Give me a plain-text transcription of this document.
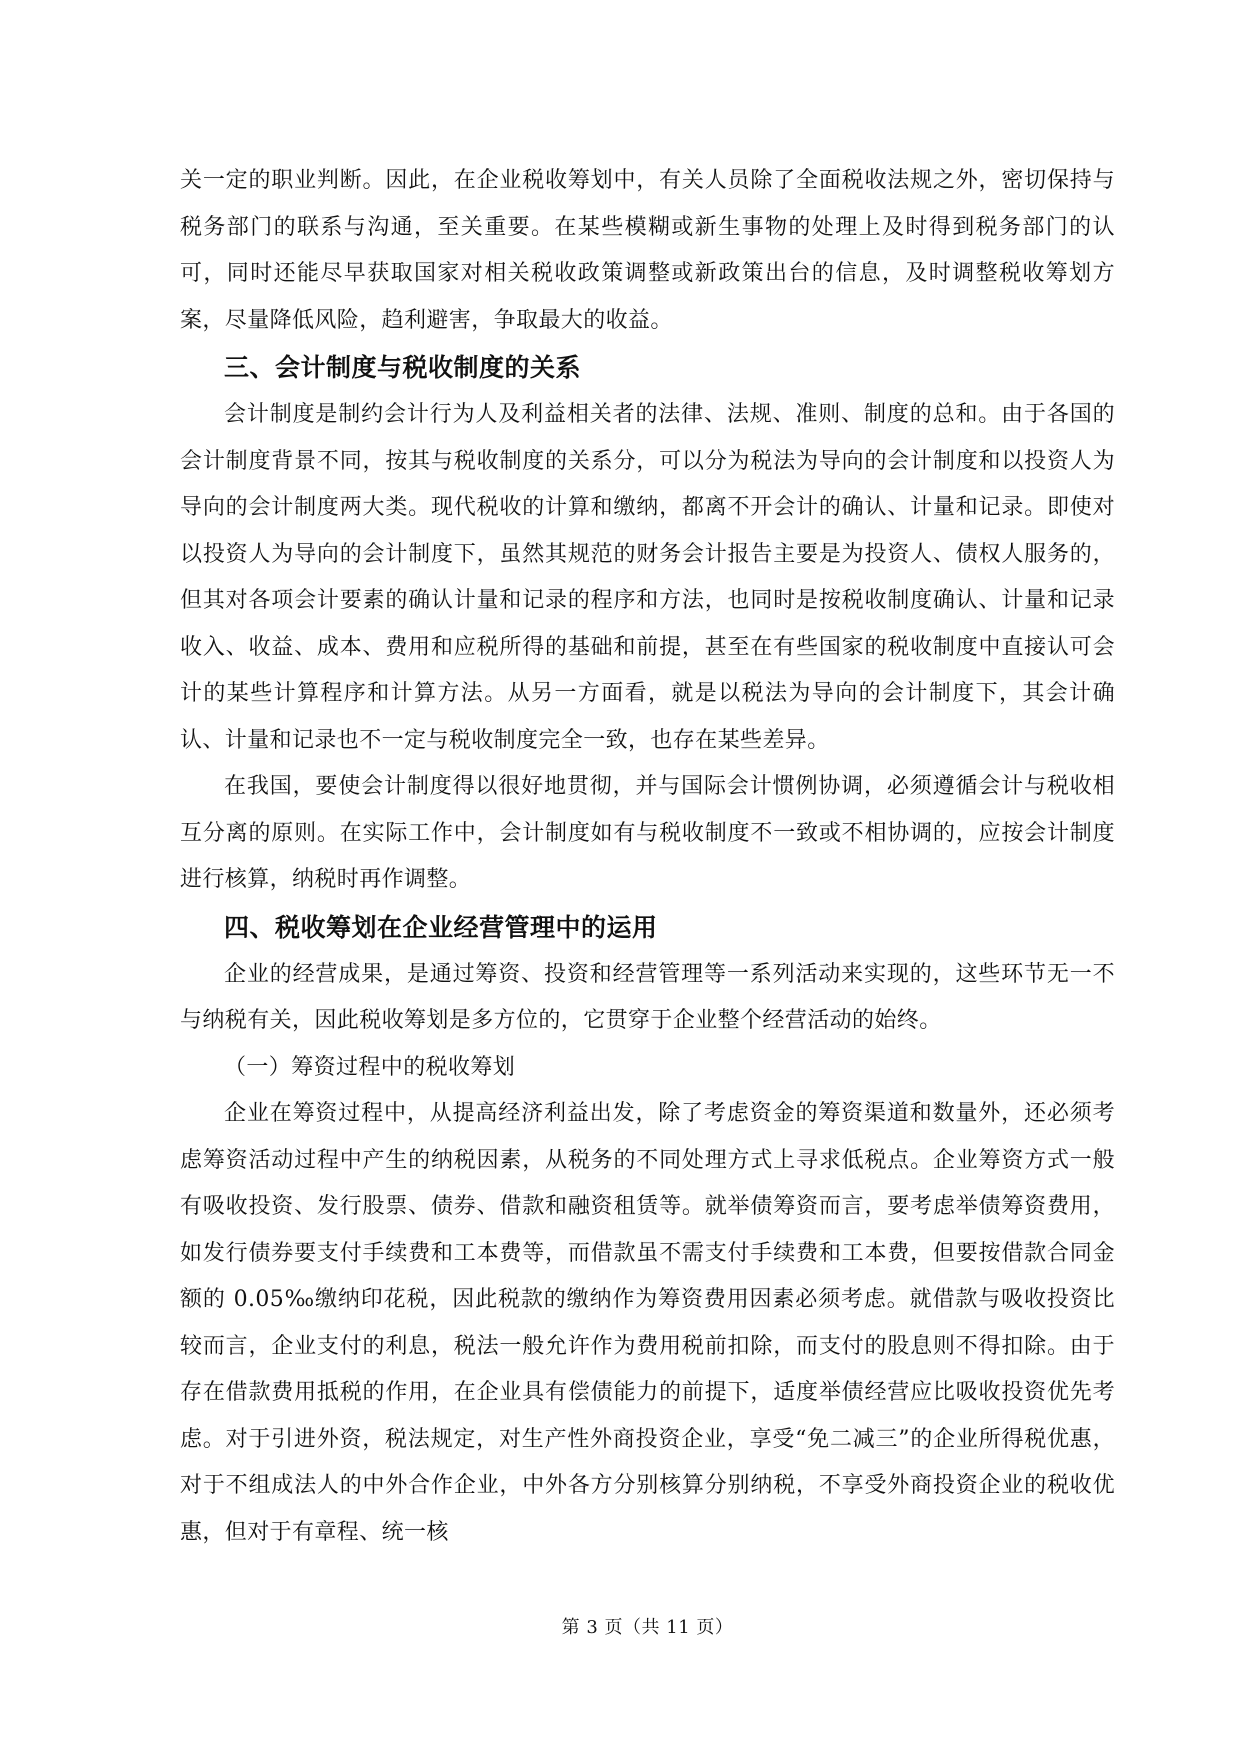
关一定的职业判断。因此，在企业税收筹划中，有关人员除了全面税收法规之外，密切保持与税务部门的联系与沟通，至关重要。在某些模糊或新生事物的处理上及时得到税务部门的认可，同时还能尽早获取国家对相关税收政策调整或新政策出台的信息，及时调整税收筹划方案，尽量降低风险，趋利避害，争取最大的收益。

三、会计制度与税收制度的关系

会计制度是制约会计行为人及利益相关者的法律、法规、准则、制度的总和。由于各国的会计制度背景不同，按其与税收制度的关系分，可以分为税法为导向的会计制度和以投资人为导向的会计制度两大类。现代税收的计算和缴纳，都离不开会计的确认、计量和记录。即使对以投资人为导向的会计制度下，虽然其规范的财务会计报告主要是为投资人、债权人服务的，但其对各项会计要素的确认计量和记录的程序和方法，也同时是按税收制度确认、计量和记录收入、收益、成本、费用和应税所得的基础和前提，甚至在有些国家的税收制度中直接认可会计的某些计算程序和计算方法。从另一方面看，就是以税法为导向的会计制度下，其会计确认、计量和记录也不一定与税收制度完全一致，也存在某些差异。

在我国，要使会计制度得以很好地贯彻，并与国际会计惯例协调，必须遵循会计与税收相互分离的原则。在实际工作中，会计制度如有与税收制度不一致或不相协调的，应按会计制度进行核算，纳税时再作调整。

四、税收筹划在企业经营管理中的运用

企业的经营成果，是通过筹资、投资和经营管理等一系列活动来实现的，这些环节无一不与纳税有关，因此税收筹划是多方位的，它贯穿于企业整个经营活动的始终。

（一）筹资过程中的税收筹划

企业在筹资过程中，从提高经济利益出发，除了考虑资金的筹资渠道和数量外，还必须考虑筹资活动过程中产生的纳税因素，从税务的不同处理方式上寻求低税点。企业筹资方式一般有吸收投资、发行股票、债券、借款和融资租赁等。就举债筹资而言，要考虑举债筹资费用，如发行债券要支付手续费和工本费等，而借款虽不需支付手续费和工本费，但要按借款合同金额的 0.05‰缴纳印花税，因此税款的缴纳作为筹资费用因素必须考虑。就借款与吸收投资比较而言，企业支付的利息，税法一般允许作为费用税前扣除，而支付的股息则不得扣除。由于存在借款费用抵税的作用，在企业具有偿债能力的前提下，适度举债经营应比吸收投资优先考虑。对于引进外资，税法规定，对生产性外商投资企业，享受“免二减三”的企业所得税优惠，对于不组成法人的中外合作企业，中外各方分别核算分别纳税，不享受外商投资企业的税收优惠，但对于有章程、统一核

第 3 页（共 11 页）
